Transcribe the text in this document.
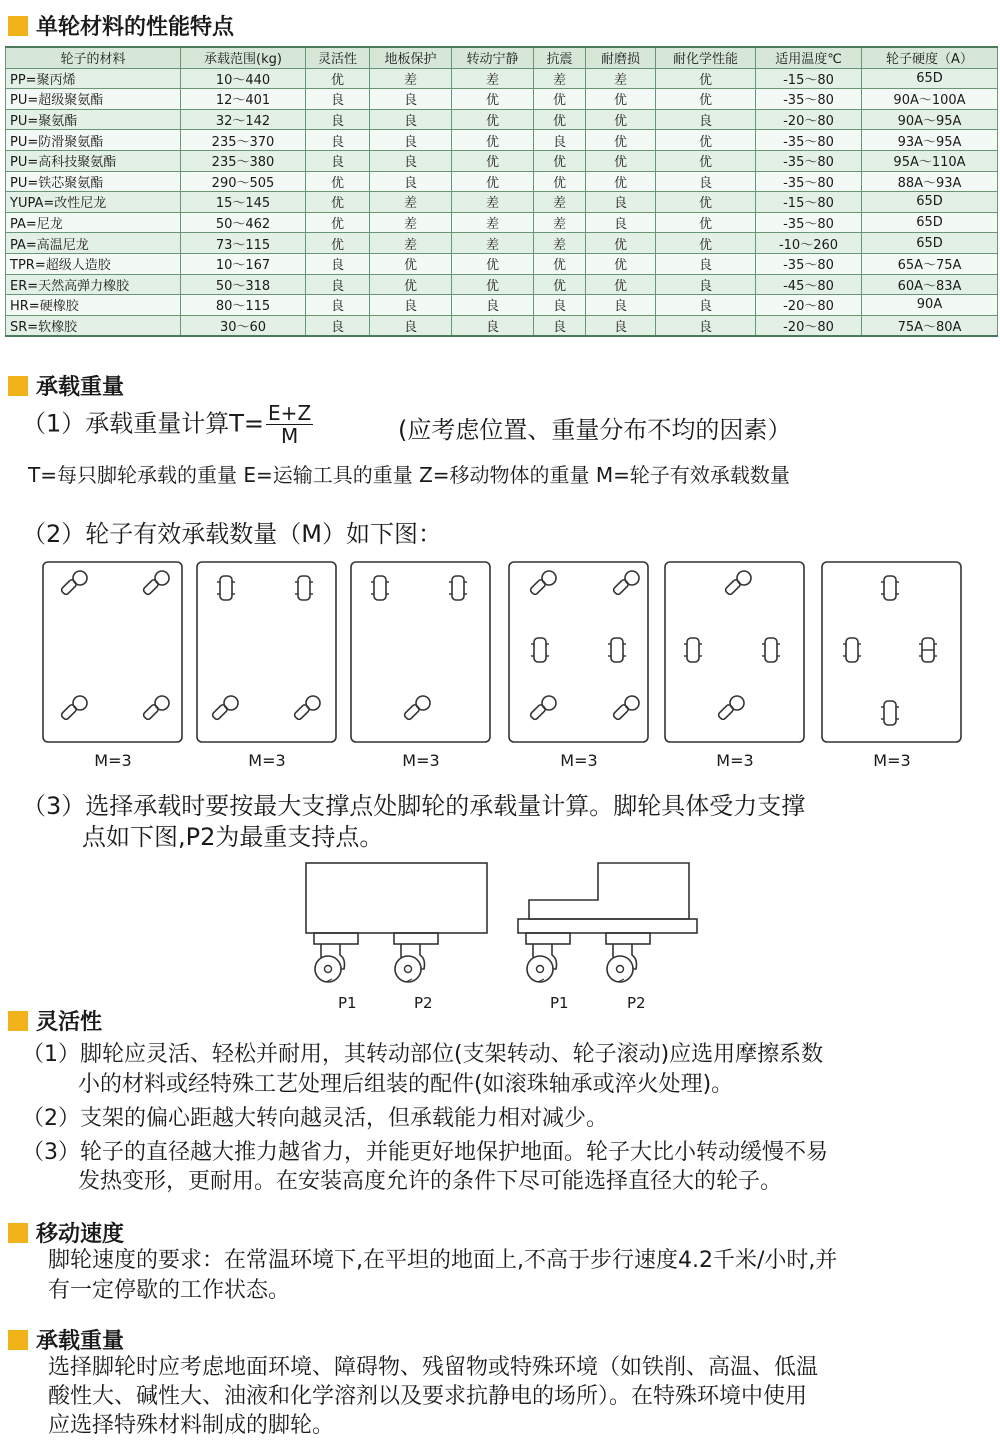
单轮材料的性能特点
轮子的材料	承载范围(kg)	灵活性	地板保护	转动宁静	抗震	耐磨损	耐化学性能	适用温度℃	轮子硬度（A）
PP=聚丙烯	10～440	优	差	差	差	差	优	-15～80	65D
PU=超级聚氨酯	12～401	良	良	优	优	优	优	-35～80	90A～100A
PU=聚氨酯	32～142	良	良	优	优	优	良	-20～80	90A～95A
PU=防滑聚氨酯	235～370	良	良	优	良	优	优	-35～80	93A～95A
PU=高科技聚氨酯	235～380	良	良	优	优	优	优	-35～80	95A～110A
PU=铁芯聚氨酯	290～505	优	良	优	优	优	良	-35～80	88A～93A
YUPA=改性尼龙	15～145	优	差	差	差	良	优	-15～80	65D
PA=尼龙	50～462	优	差	差	差	良	优	-35～80	65D
PA=高温尼龙	73～115	优	差	差	差	优	优	-10～260	65D
TPR=超级人造胶	10～167	良	优	优	优	优	良	-35～80	65A～75A
ER=天然高弹力橡胶	50～318	良	优	优	优	优	良	-45～80	60A～83A
HR=硬橡胶	80～115	良	良	良	良	良	良	-20～80	90A
SR=软橡胶	30～60	良	良	良	良	良	良	-20～80	75A～80A
承载重量
（1）承载重量计算$T= \frac{E+Z}{M}$	(应考虑位置、重量分布不均的因素）
T=每只脚轮承载的重量 E=运输工具的重量 Z=移动物体的重量 M=轮子有效承载数量
（2）轮子有效承载数量（M）如下图：
M=3	M=3	M=3	M=3	M=3	M=3
（3）选择承载时要按最大支撑点处脚轮的承载量计算。脚轮具体受力支撑
点如下图,P2为最重支持点。
P1	P2	P1	P2
灵活性
（1）脚轮应灵活、轻松并耐用，其转动部位(支架转动、轮子滚动)应选用摩擦系数
小的材料或经特殊工艺处理后组装的配件(如滚珠轴承或淬火处理)。
（2）支架的偏心距越大转向越灵活，但承载能力相对减少。
（3）轮子的直径越大推力越省力，并能更好地保护地面。轮子大比小转动缓慢不易
发热变形，更耐用。在安装高度允许的条件下尽可能选择直径大的轮子。
移动速度
脚轮速度的要求：在常温环境下,在平坦的地面上,不高于步行速度4.2千米/小时,并
有一定停歇的工作状态。
承载重量
选择脚轮时应考虑地面环境、障碍物、残留物或特殊环境（如铁削、高温、低温
酸性大、碱性大、油液和化学溶剂以及要求抗静电的场所）。在特殊环境中使用
应选择特殊材料制成的脚轮。
